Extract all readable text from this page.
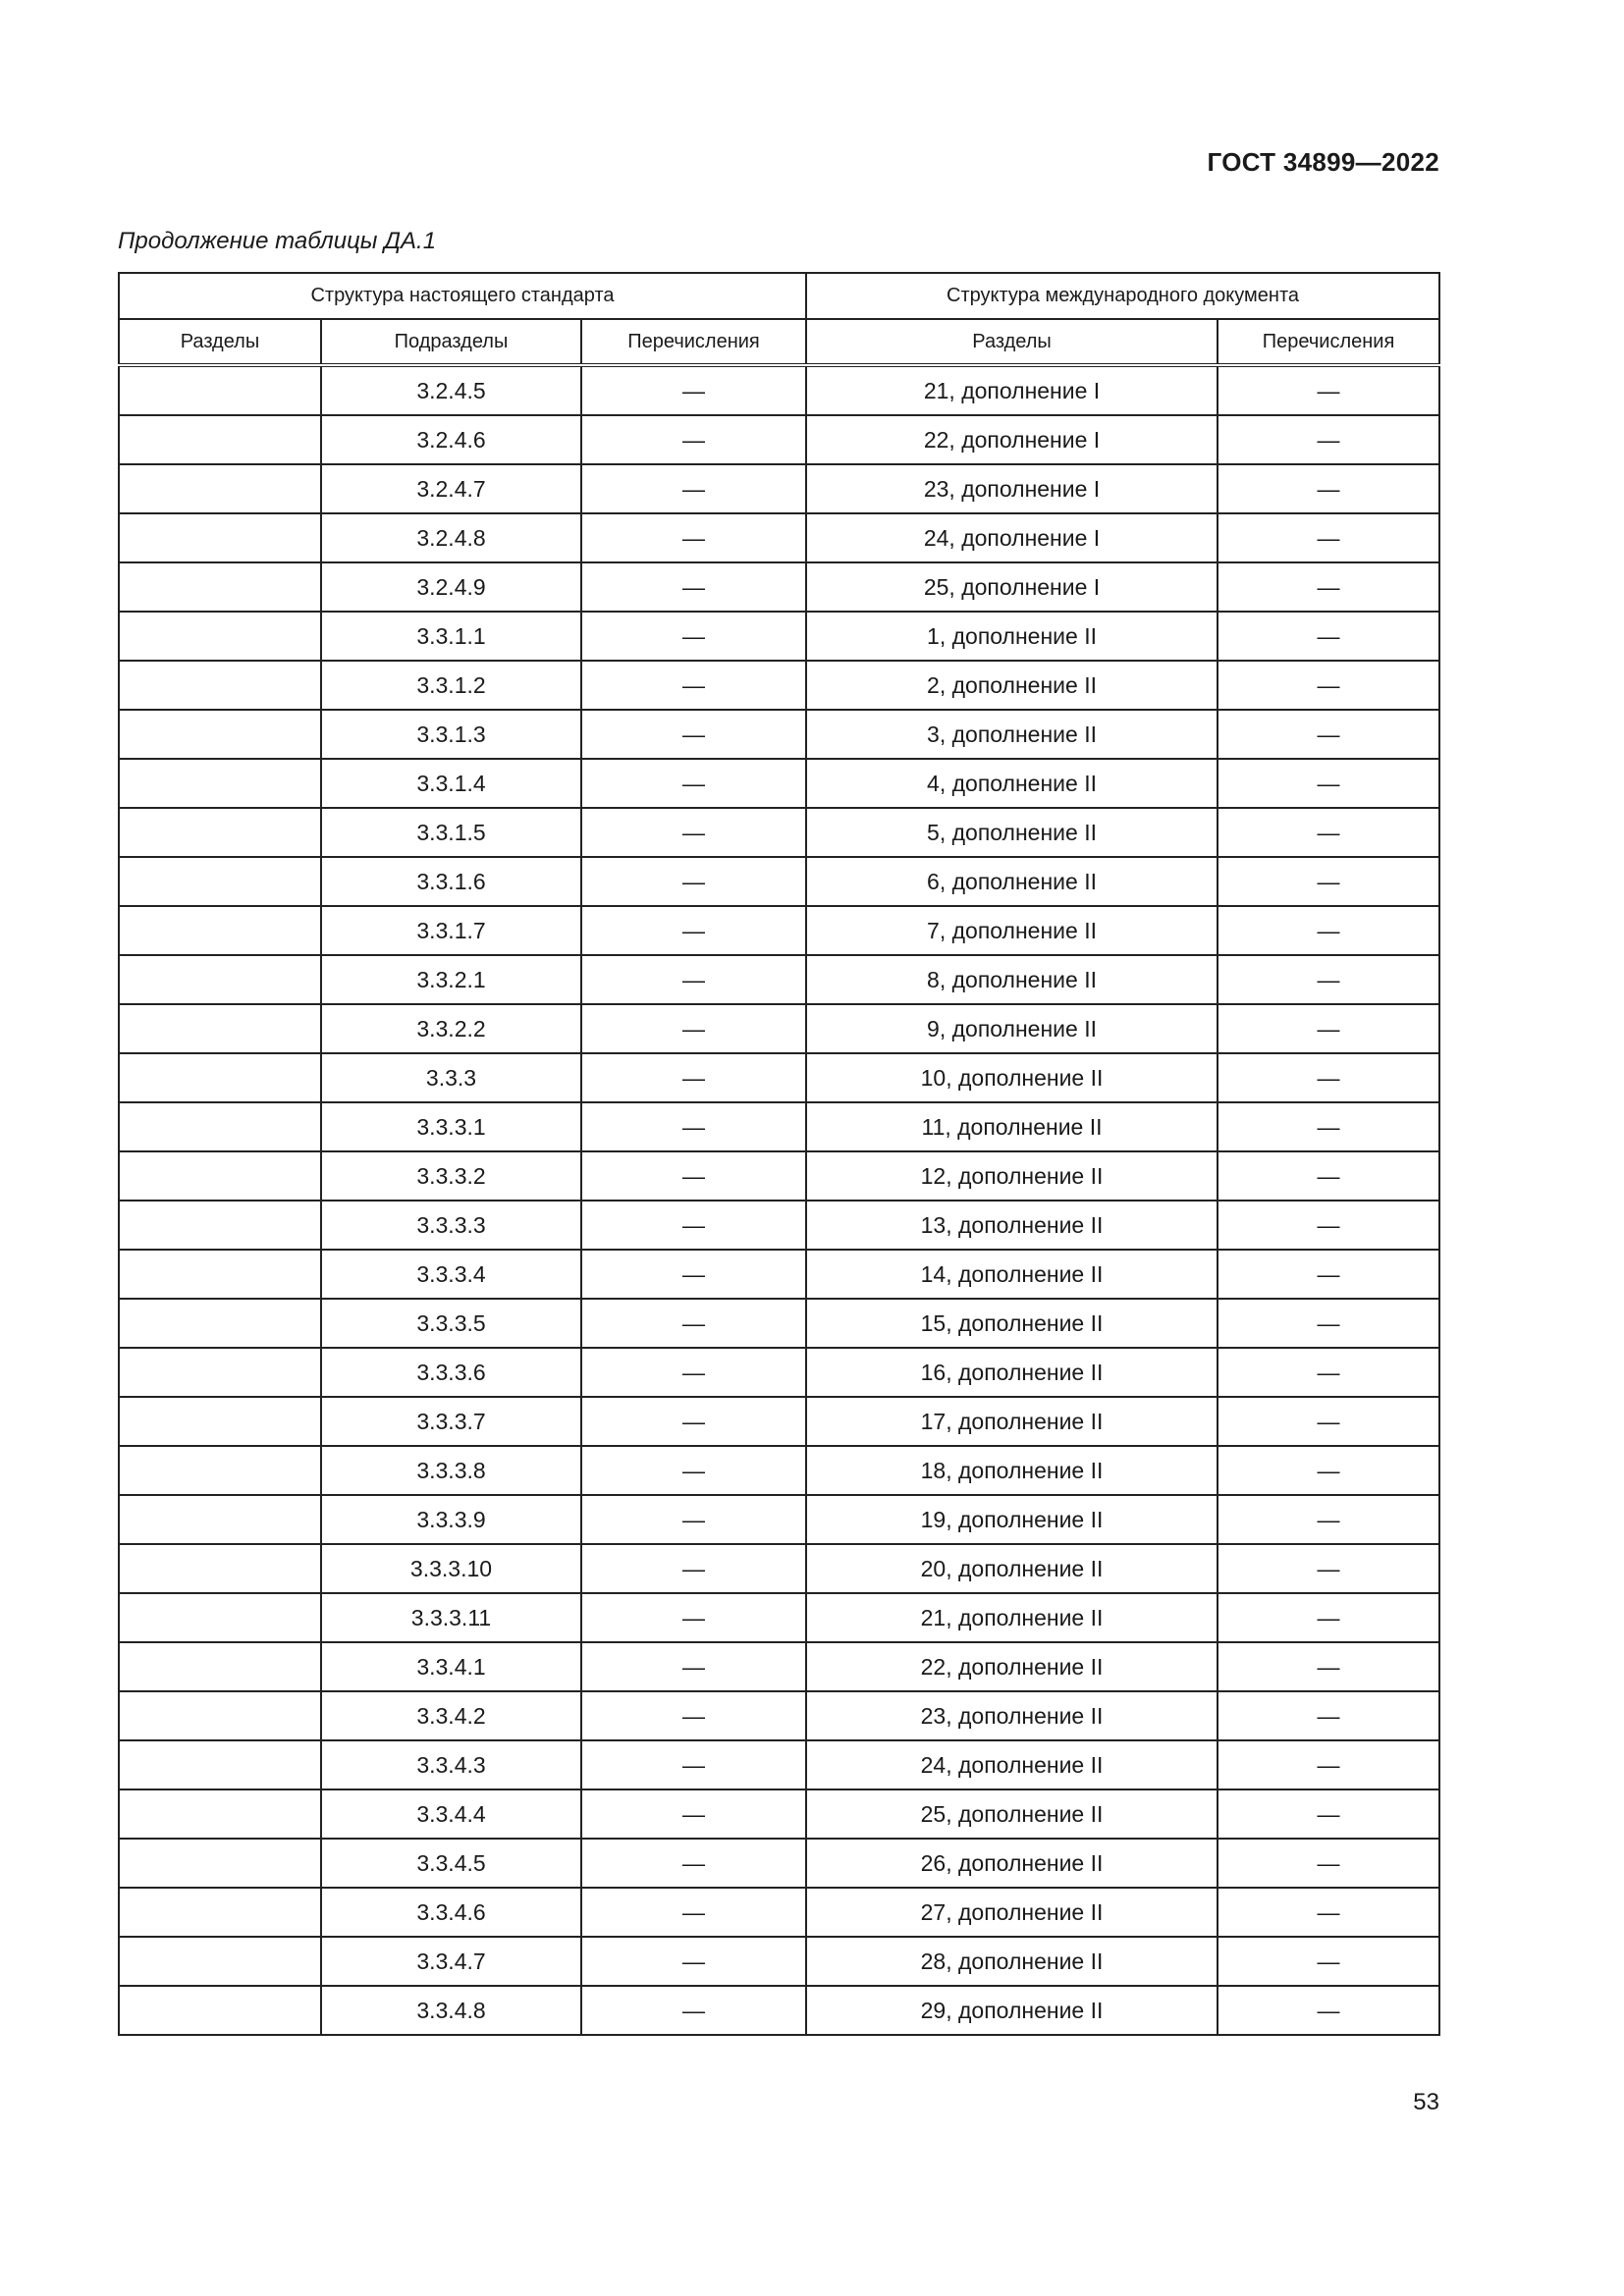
ГОСТ 34899—2022
Продолжение таблицы ДА.1
Структура настоящего стандарта			Структура международного документа	
Разделы	Подразделы	Перечисления	Разделы	Перечисления
	3.2.4.5	—	21, дополнение I	—
	3.2.4.6	—	22, дополнение I	—
	3.2.4.7	—	23, дополнение I	—
	3.2.4.8	—	24, дополнение I	—
	3.2.4.9	—	25, дополнение I	—
	3.3.1.1	—	1, дополнение II	—
	3.3.1.2	—	2, дополнение II	—
	3.3.1.3	—	3, дополнение II	—
	3.3.1.4	—	4, дополнение II	—
	3.3.1.5	—	5, дополнение II	—
	3.3.1.6	—	6, дополнение II	—
	3.3.1.7	—	7, дополнение II	—
	3.3.2.1	—	8, дополнение II	—
	3.3.2.2	—	9, дополнение II	—
	3.3.3	—	10, дополнение II	—
	3.3.3.1	—	11, дополнение II	—
	3.3.3.2	—	12, дополнение II	—
	3.3.3.3	—	13, дополнение II	—
	3.3.3.4	—	14, дополнение II	—
	3.3.3.5	—	15, дополнение II	—
	3.3.3.6	—	16, дополнение II	—
	3.3.3.7	—	17, дополнение II	—
	3.3.3.8	—	18, дополнение II	—
	3.3.3.9	—	19, дополнение II	—
	3.3.3.10	—	20, дополнение II	—
	3.3.3.11	—	21, дополнение II	—
	3.3.4.1	—	22, дополнение II	—
	3.3.4.2	—	23, дополнение II	—
	3.3.4.3	—	24, дополнение II	—
	3.3.4.4	—	25, дополнение II	—
	3.3.4.5	—	26, дополнение II	—
	3.3.4.6	—	27, дополнение II	—
	3.3.4.7	—	28, дополнение II	—
	3.3.4.8	—	29, дополнение II	—
53
